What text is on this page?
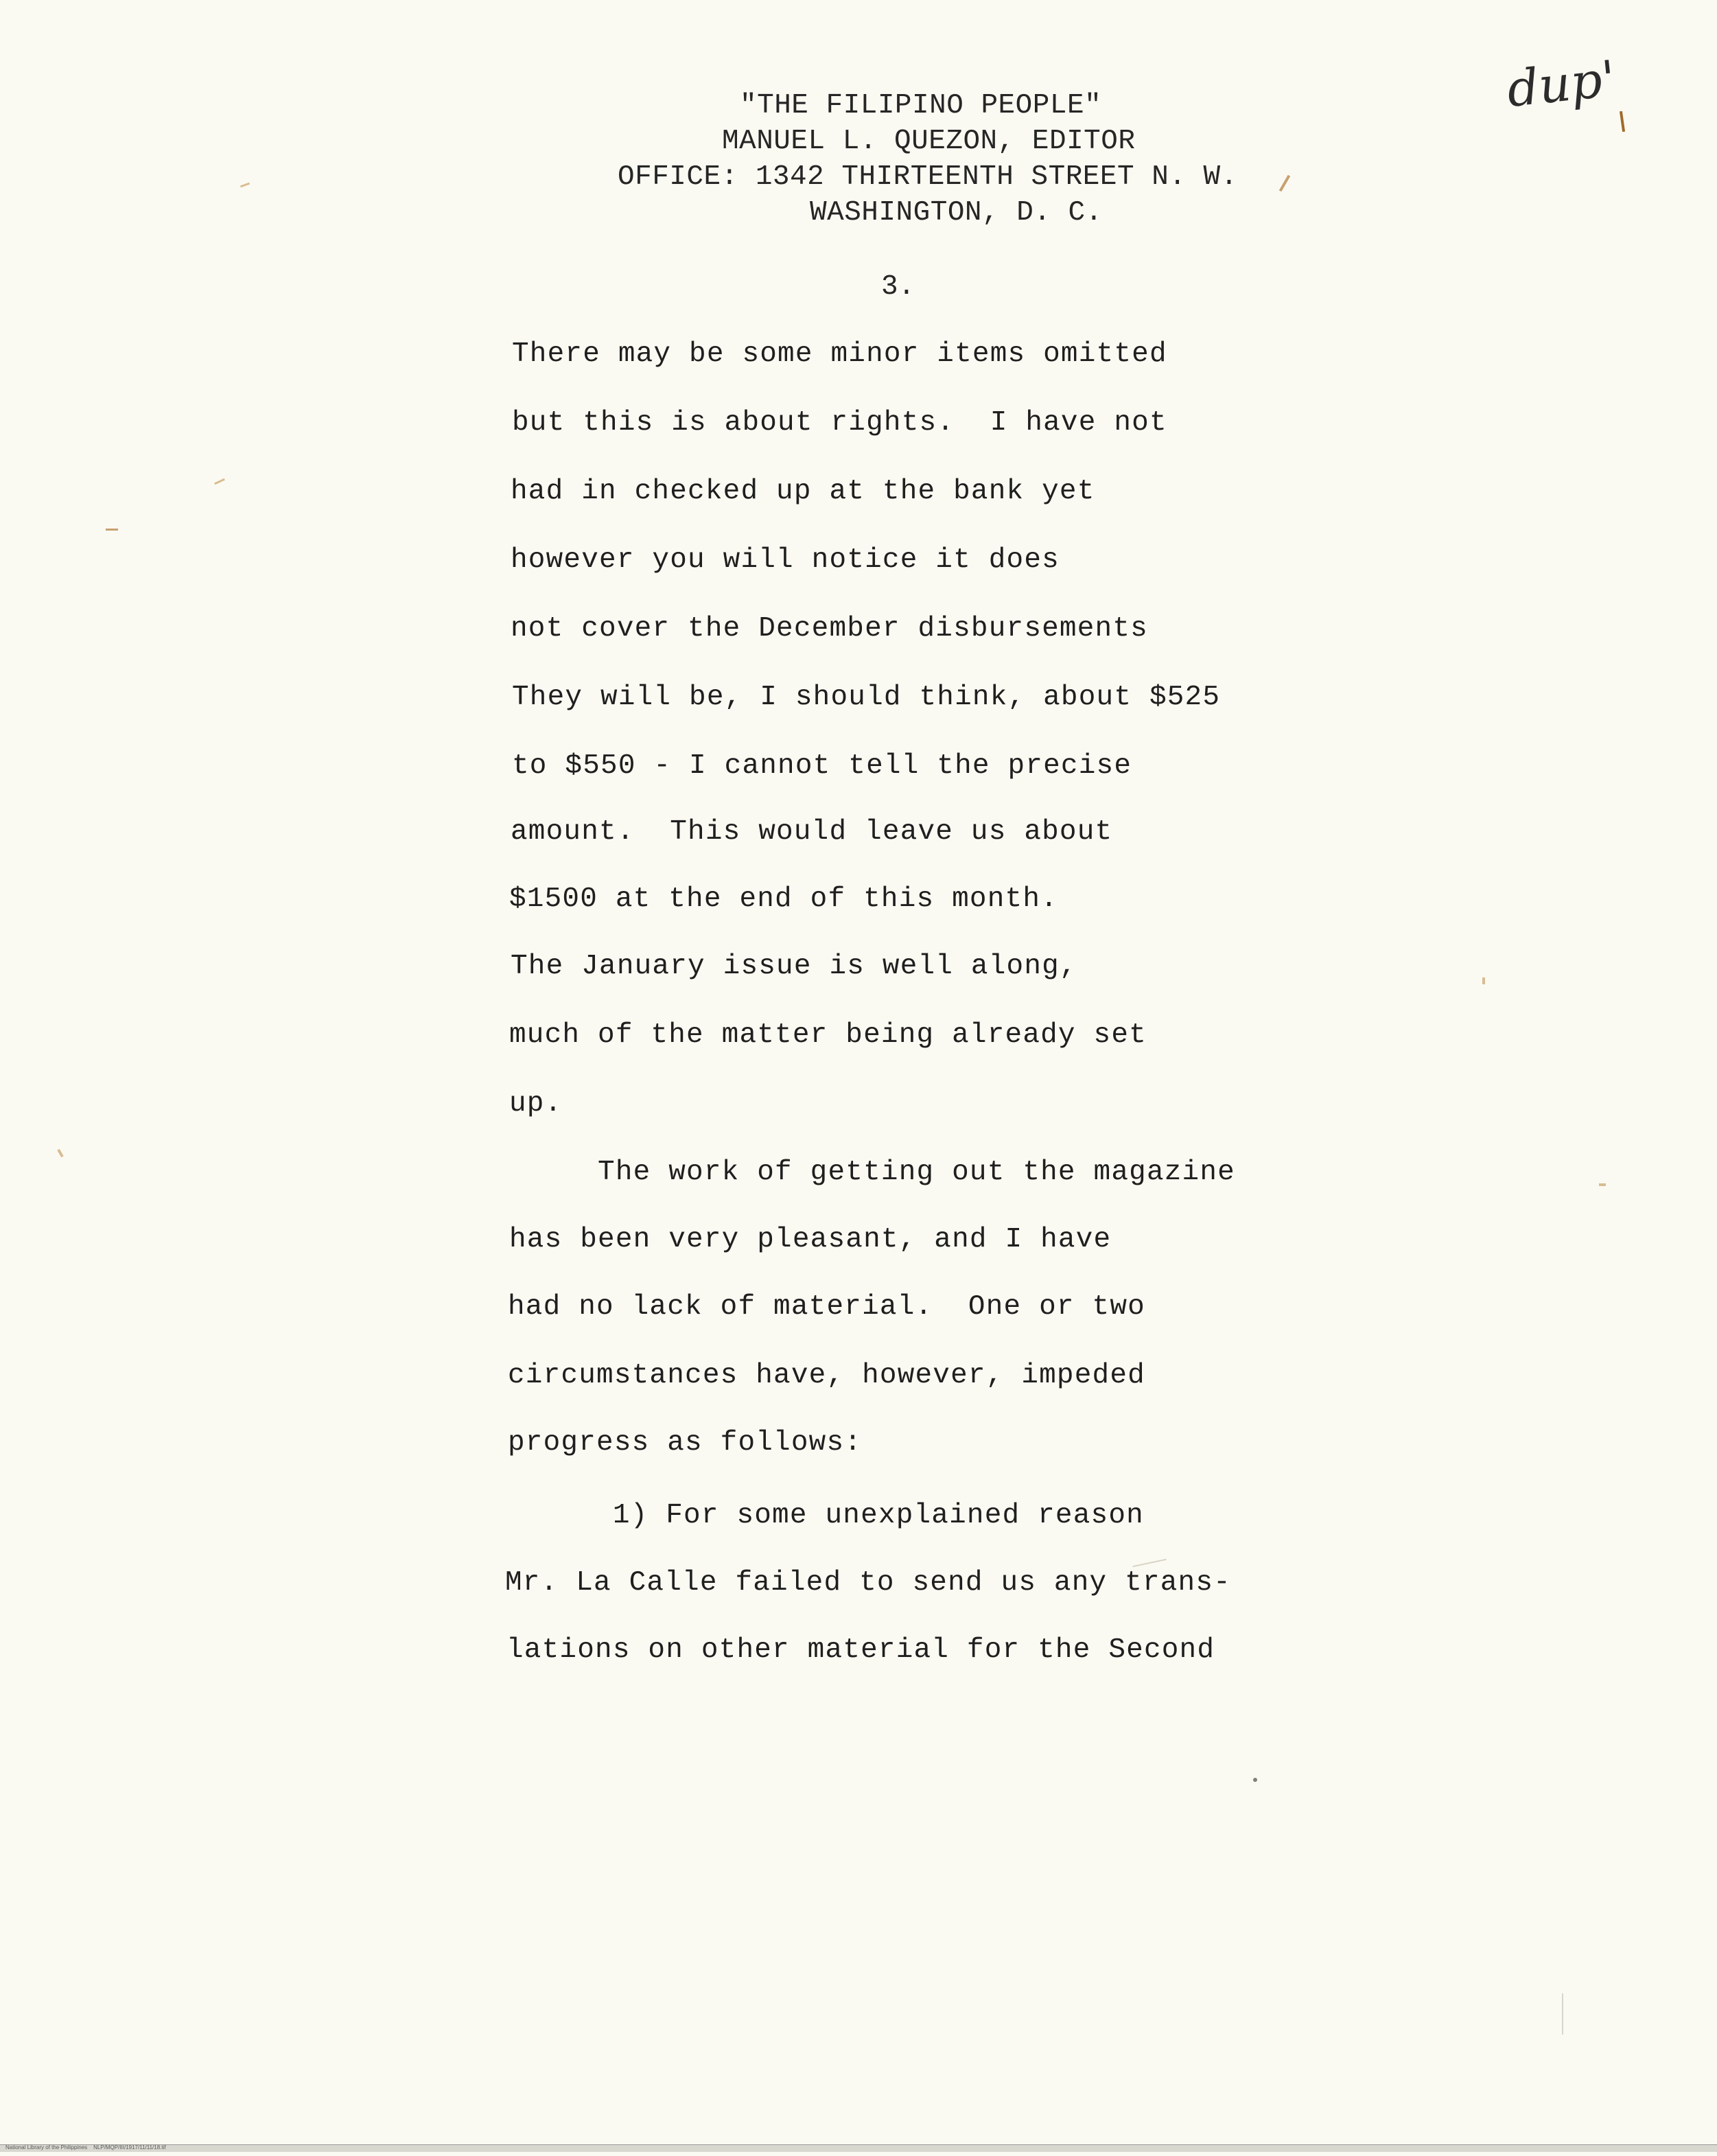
"THE FILIPINO PEOPLE"
MANUEL L. QUEZON, EDITOR
OFFICE: 1342 THIRTEENTH STREET N. W.
WASHINGTON, D. C.
3.
dup'
There may be some minor items omitted
but this is about rights.  I have not
had in checked up at the bank yet
however you will notice it does
not cover the December disbursements
They will be, I should think, about $525
to $550 - I cannot tell the precise
amount.  This would leave us about
$1500 at the end of this month.
The January issue is well along,
much of the matter being already set
up.
The work of getting out the magazine
has been very pleasant, and I have
had no lack of material.  One or two
circumstances have, however, impeded
progress as follows:
1) For some unexplained reason
Mr. La Calle failed to send us any trans-
lations on other material for the Second
National Library of the Philippines    NLP/MQP/III/1917/11/11/18.tif
